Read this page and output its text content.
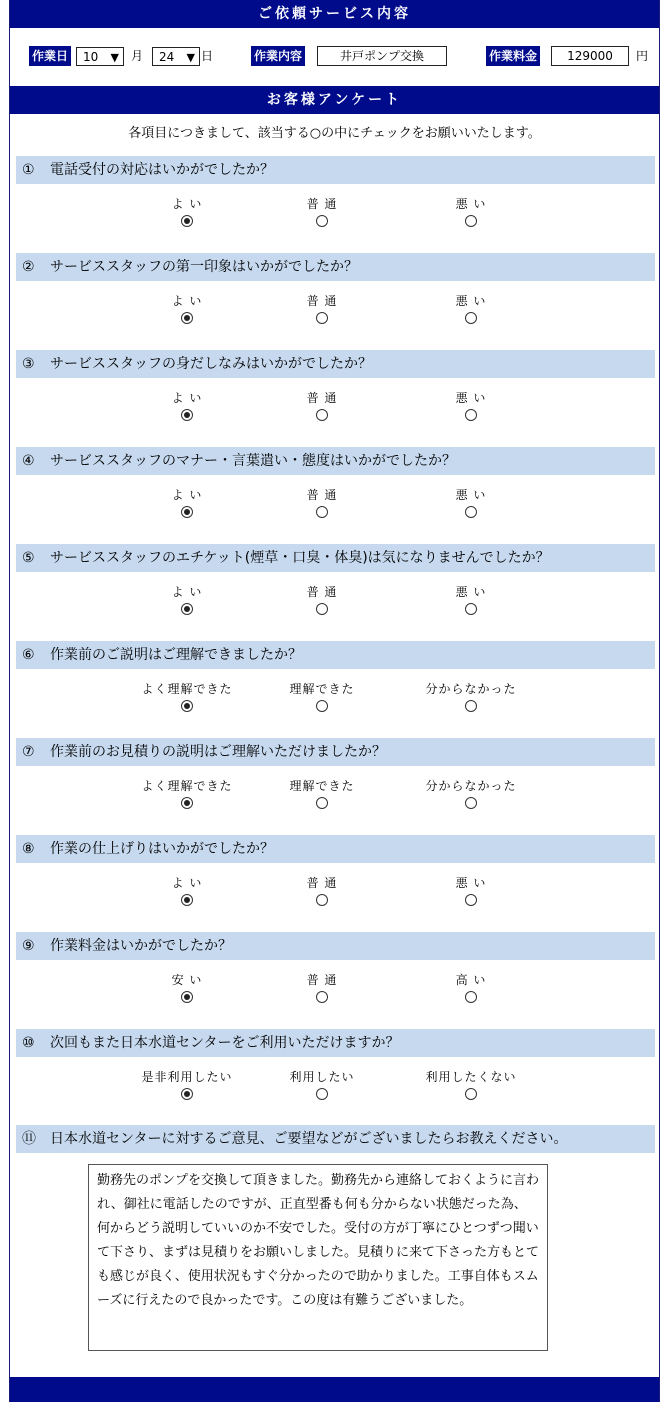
ご依頼サービス内容
作業日 10 ▼ 月 24 ▼ 日	作業内容	井戸ポンプ交換	作業料金	129000	円
お客様アンケート
各項目につきまして、該当する○の中にチェックをお願いいたします。
① 電話受付の対応はいかがでしたか？
よ い	普 通	悪 い
② サービススタッフの第一印象はいかがでしたか？
よ い	普 通	悪 い
③ サービススタッフの身だしなみはいかがでしたか？
よ い	普 通	悪 い
④ サービススタッフのマナー・言葉遣い・態度はいかがでしたか？
よ い	普 通	悪 い
⑤ サービススタッフのエチケット(煙草・口臭・体臭)は気になりませんでしたか？
よ い	普 通	悪 い
⑥ 作業前のご説明はご理解できましたか？
よく理解できた	理解できた	分からなかった
⑦ 作業前のお見積りの説明はご理解いただけましたか？
よく理解できた	理解できた	分からなかった
⑧ 作業の仕上げりはいかがでしたか？
よ い	普 通	悪 い
⑨ 作業料金はいかがでしたか？
安 い	普 通	高 い
⑩ 次回もまた日本水道センターをご利用いただけますか？
是非利用したい	利用したい	利用したくない
⑪ 日本水道センターに対するご意見、ご要望などがございましたらお教えください。
勤務先のポンプを交換して頂きました。勤務先から連絡しておくように言われ、御社に電話したのですが、正直型番も何も分からない状態だった為、何からどう説明していいのか不安でした。受付の方が丁寧にひとつずつ聞いて下さり、まずは見積りをお願いしました。見積りに来て下さった方もとても感じが良く、使用状況もすぐ分かったので助かりました。工事自体もスムーズに行えたので良かったです。この度は有難うございました。
